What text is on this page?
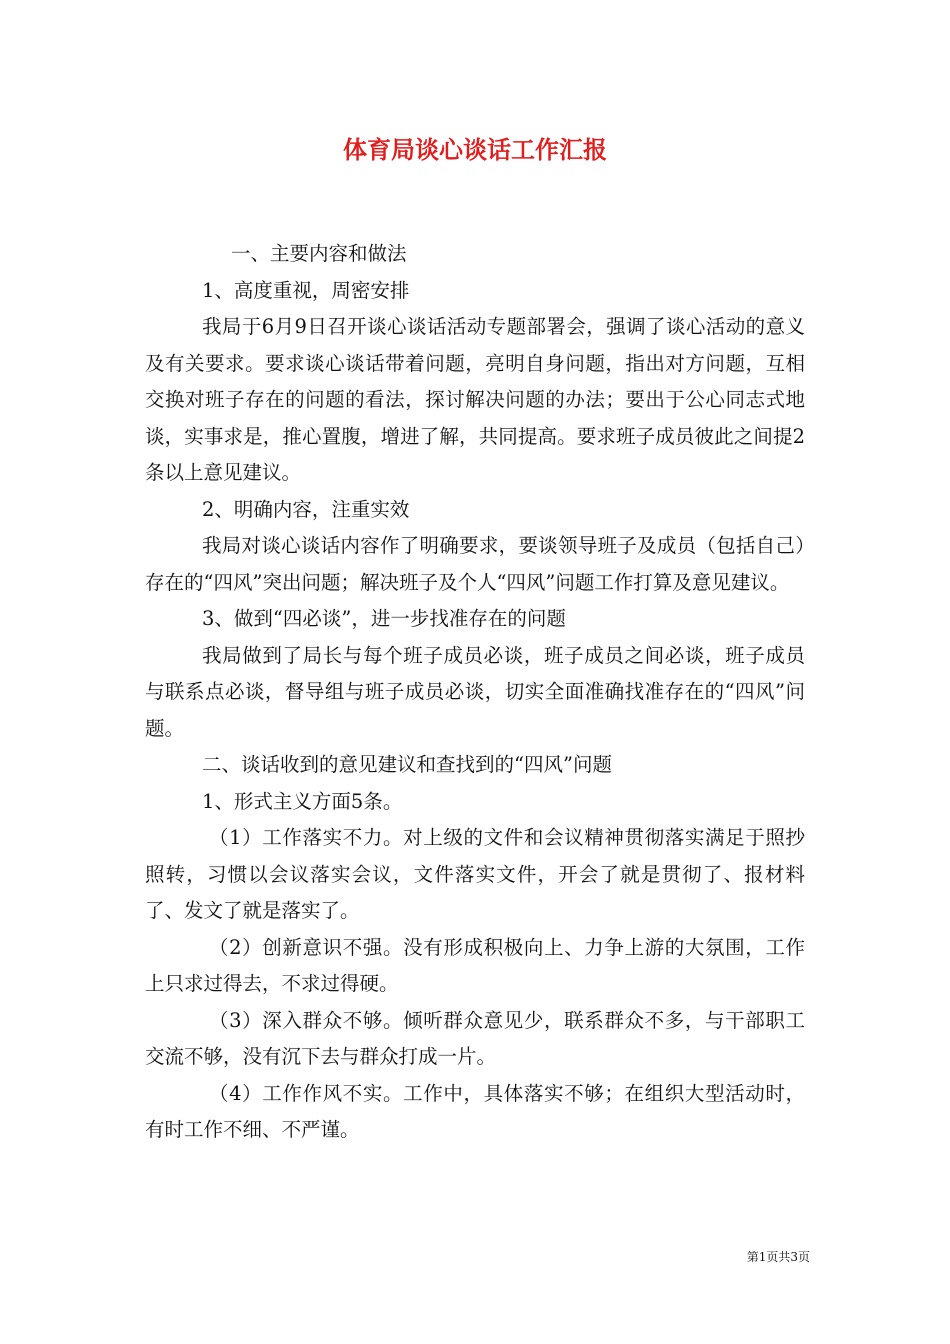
体育局谈心谈话工作汇报

一、主要内容和做法

1、高度重视，周密安排

我局于6月9日召开谈心谈话活动专题部署会，强调了谈心活动的意义及有关要求。要求谈心谈话带着问题，亮明自身问题，指出对方问题，互相交换对班子存在的问题的看法，探讨解决问题的办法；要出于公心同志式地谈，实事求是，推心置腹，增进了解，共同提高。要求班子成员彼此之间提2条以上意见建议。

2、明确内容，注重实效

我局对谈心谈话内容作了明确要求，要谈领导班子及成员（包括自己）存在的“四风”突出问题；解决班子及个人“四风”问题工作打算及意见建议。

3、做到“四必谈”，进一步找准存在的问题

我局做到了局长与每个班子成员必谈，班子成员之间必谈，班子成员与联系点必谈，督导组与班子成员必谈，切实全面准确找准存在的“四风”问题。

二、谈话收到的意见建议和查找到的“四风”问题

1、形式主义方面5条。

（1）工作落实不力。对上级的文件和会议精神贯彻落实满足于照抄照转，习惯以会议落实会议，文件落实文件，开会了就是贯彻了、报材料了、发文了就是落实了。

（2）创新意识不强。没有形成积极向上、力争上游的大氛围，工作上只求过得去，不求过得硬。

（3）深入群众不够。倾听群众意见少，联系群众不多，与干部职工交流不够，没有沉下去与群众打成一片。

（4）工作作风不实。工作中，具体落实不够；在组织大型活动时，有时工作不细、不严谨。

第1页共3页
